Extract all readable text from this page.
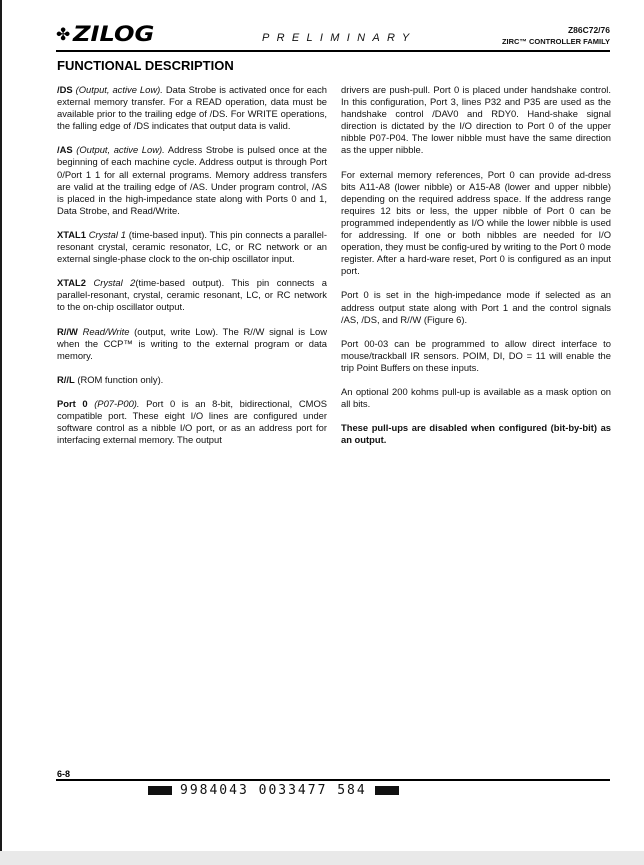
✤ ZILOG	PRELIMINARY
Z86C72/76
ZIRC™ CONTROLLER FAMILY
FUNCTIONAL DESCRIPTION

/DS (Output, active Low). Data Strobe is activated once for each external memory transfer. For a READ operation, data must be available prior to the trailing edge of /DS. For WRITE operations, the falling edge of /DS indicates that output data is valid.

/AS (Output, active Low). Address Strobe is pulsed once at the beginning of each machine cycle. Address output is through Port 0/Port 1 1 for all external programs. Memory address transfers are valid at the trailing edge of /AS. Under program control, /AS is placed in the high-impedance state along with Ports 0 and 1, Data Strobe, and Read/Write.

XTAL1 Crystal 1 (time-based input). This pin connects a parallel-resonant crystal, ceramic resonator, LC, or RC network or an external single-phase clock to the on-chip oscillator input.

XTAL2 Crystal 2(time-based output). This pin connects a parallel-resonant, crystal, ceramic resonant, LC, or RC network to the on-chip oscillator output.

R//W Read/Write (output, write Low). The R//W signal is Low when the CCP™ is writing to the external program or data memory.

R//L (ROM function only).

Port 0 (P07-P00). Port 0 is an 8-bit, bidirectional, CMOS compatible port. These eight I/O lines are configured under software control as a nibble I/O port, or as an address port for interfacing external memory. The output

drivers are push-pull. Port 0 is placed under handshake control. In this configuration, Port 3, lines P32 and P35 are used as the handshake control /DAV0 and RDY0. Hand-shake signal direction is dictated by the I/O direction to Port 0 of the upper nibble P07-P04. The lower nibble must have the same direction as the upper nibble.

For external memory references, Port 0 can provide ad-dress bits A11-A8 (lower nibble) or A15-A8 (lower and upper nibble) depending on the required address space. If the address range requires 12 bits or less, the upper nibble of Port 0 can be programmed independently as I/O while the lower nibble is used for addressing. If one or both nibbles are needed for I/O operation, they must be config-ured by writing to the Port 0 mode register. After a hard-ware reset, Port 0 is configured as an input port.

Port 0 is set in the high-impedance mode if selected as an address output state along with Port 1 and the control signals /AS, /DS, and R//W (Figure 6).

Port 00-03 can be programmed to allow direct interface to mouse/trackball IR sensors. POIM, DI, DO = 11 will enable the trip Point Buffers on these inputs.

An optional 200 kohms pull-up is available as a mask option on all bits.

These pull-ups are disabled when configured (bit-by-bit) as an output.

6-8
9984043 0033477 584
